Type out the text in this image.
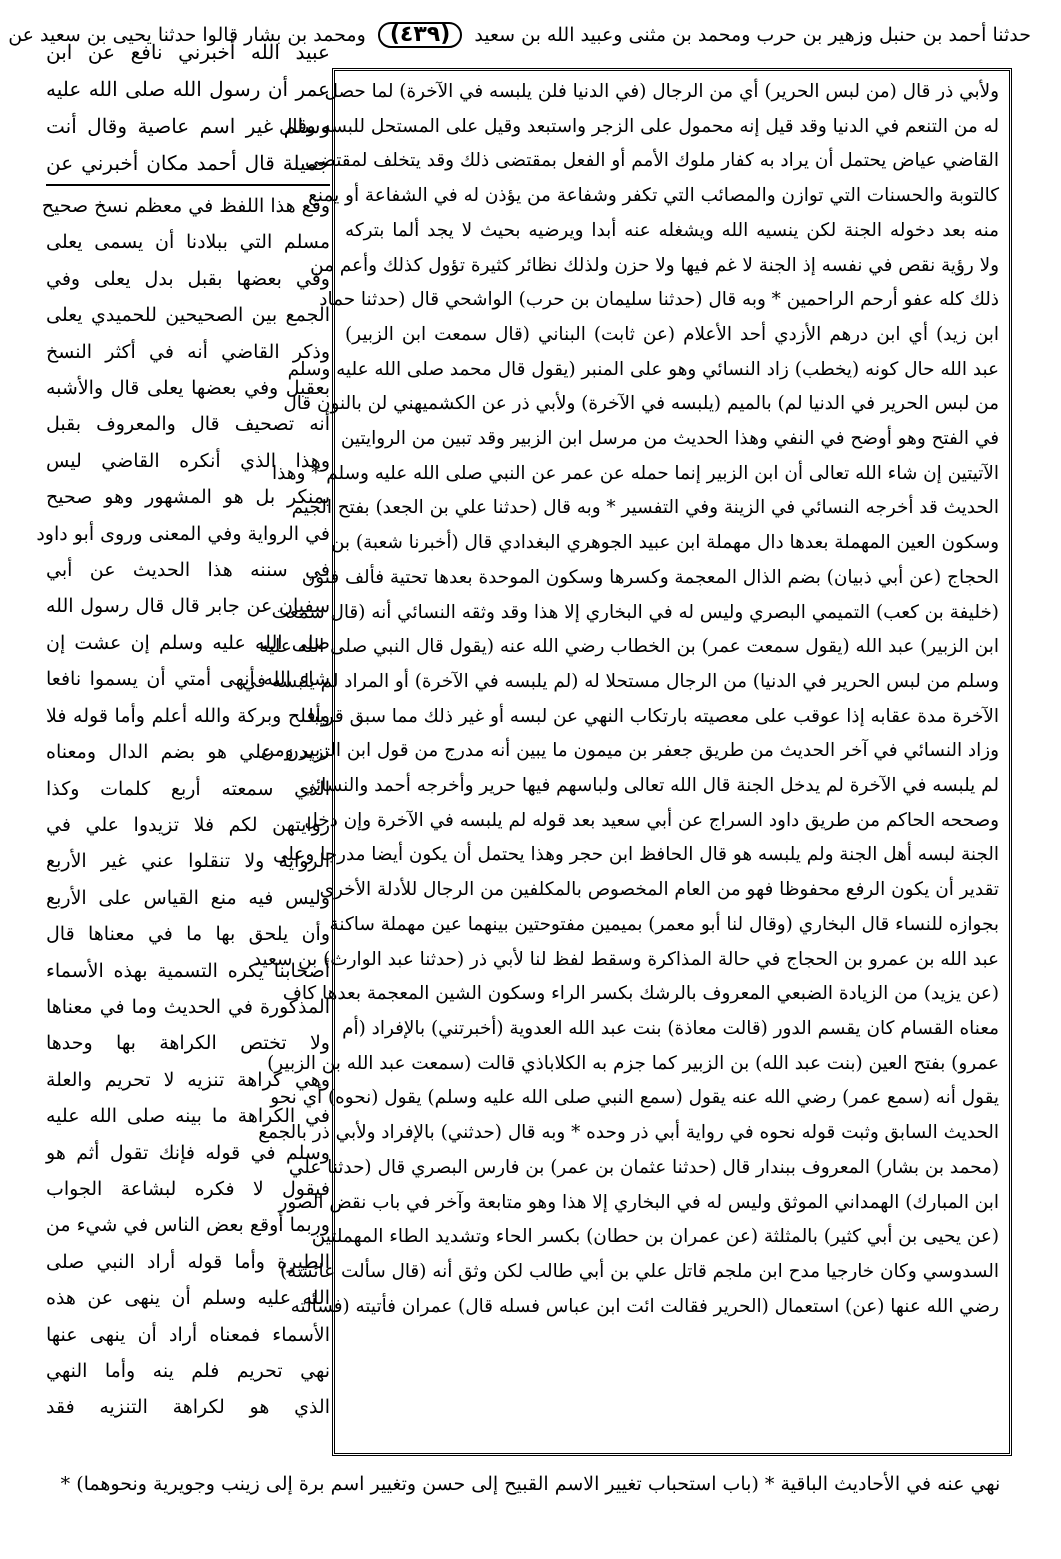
حدثنا أحمد بن حنبل وزهير بن حرب ومحمد بن مثنى وعبيد الله بن سعيد (٤٣٩) ومحمد بن بشار قالوا حدثنا يحيى بن سعيد عن
ولأبي ذر قال (من لبس الحرير) أي من الرجال (في الدنيا فلن يلبسه في الآخرة) لما حصل
له من التنعم في الدنيا وقد قيل إنه محمول على الزجر واستبعد وقيل على المستحل للبسه وقال
القاضي عياض يحتمل أن يراد به كفار ملوك الأمم أو الفعل بمقتضى ذلك وقد يتخلف لمقتضى
كالتوبة والحسنات التي توازن والمصائب التي تكفر وشفاعة من يؤذن له في الشفاعة أو يمنع
منه بعد دخوله الجنة لكن ينسيه الله ويشغله عنه أبدا ويرضيه بحيث لا يجد ألما بتركه
ولا رؤية نقص في نفسه إذ الجنة لا غم فيها ولا حزن ولذلك نظائر كثيرة تؤول كذلك وأعم من
ذلك كله عفو أرحم الراحمين * وبه قال (حدثنا سليمان بن حرب) الواشحي قال (حدثنا حماد
ابن زيد) أي ابن درهم الأزدي أحد الأعلام (عن ثابت) البناني (قال سمعت ابن الزبير)
عبد الله حال كونه (يخطب) زاد النسائي وهو على المنبر (يقول قال محمد صلى الله عليه وسلم
من لبس الحرير في الدنيا لم) بالميم (يلبسه في الآخرة) ولأبي ذر عن الكشميهني لن بالنون قال
في الفتح وهو أوضح في النفي وهذا الحديث من مرسل ابن الزبير وقد تبين من الروايتين
الآتيتين إن شاء الله تعالى أن ابن الزبير إنما حمله عن عمر عن النبي صلى الله عليه وسلم * وهذا
الحديث قد أخرجه النسائي في الزينة وفي التفسير * وبه قال (حدثنا علي بن الجعد) بفتح الجيم
وسكون العين المهملة بعدها دال مهملة ابن عبيد الجوهري البغدادي قال (أخبرنا شعبة) بن
الحجاج (عن أبي ذبيان) بضم الذال المعجمة وكسرها وسكون الموحدة بعدها تحتية فألف فنون
(خليفة بن كعب) التميمي البصري وليس له في البخاري إلا هذا وقد وثقه النسائي أنه (قال سمعت
ابن الزبير) عبد الله (يقول سمعت عمر) بن الخطاب رضي الله عنه (يقول قال النبي صلى الله عليه
وسلم من لبس الحرير في الدنيا) من الرجال مستحلا له (لم يلبسه في الآخرة) أو المراد لم يلبسه في
الآخرة مدة عقابه إذا عوقب على معصيته بارتكاب النهي عن لبسه أو غير ذلك مما سبق قريبا
وزاد النسائي في آخر الحديث من طريق جعفر بن ميمون ما يبين أنه مدرج من قول ابن الزبير ومن
لم يلبسه في الآخرة لم يدخل الجنة قال الله تعالى ولباسهم فيها حرير وأخرجه أحمد والنسائي
وصححه الحاكم من طريق داود السراج عن أبي سعيد بعد قوله لم يلبسه في الآخرة وإن دخل
الجنة لبسه أهل الجنة ولم يلبسه هو قال الحافظ ابن حجر وهذا يحتمل أن يكون أيضا مدرجا وعلى
تقدير أن يكون الرفع محفوظا فهو من العام المخصوص بالمكلفين من الرجال للأدلة الأخرى
بجوازه للنساء قال البخاري (وقال لنا أبو معمر) بميمين مفتوحتين بينهما عين مهملة ساكنة
عبد الله بن عمرو بن الحجاج في حالة المذاكرة وسقط لفظ لنا لأبي ذر (حدثنا عبد الوارث) بن سعيد
(عن يزيد) من الزيادة الضبعي المعروف بالرشك بكسر الراء وسكون الشين المعجمة بعدها كاف
معناه القسام كان يقسم الدور (قالت معاذة) بنت عبد الله العدوية (أخبرتني) بالإفراد (أم
عمرو) بفتح العين (بنت عبد الله) بن الزبير كما جزم به الكلاباذي قالت (سمعت عبد الله بن الزبير)
يقول أنه (سمع عمر) رضي الله عنه يقول (سمع النبي صلى الله عليه وسلم) يقول (نحوه) أي نحو
الحديث السابق وثبت قوله نحوه في رواية أبي ذر وحده * وبه قال (حدثني) بالإفراد ولأبي ذر بالجمع
(محمد بن بشار) المعروف ببندار قال (حدثنا عثمان بن عمر) بن فارس البصري قال (حدثنا علي
ابن المبارك) الهمداني الموثق وليس له في البخاري إلا هذا وهو متابعة وآخر في باب نقض الصور
(عن يحيى بن أبي كثير) بالمثلثة (عن عمران بن حطان) بكسر الحاء وتشديد الطاء المهملتين
السدوسي وكان خارجيا مدح ابن ملجم قاتل علي بن أبي طالب لكن وثق أنه (قال سألت عائشة)
رضي الله عنها (عن) استعمال (الحرير فقالت ائت ابن عباس فسله قال) عمران فأتيته (فسألته
عبيد الله أخبرني نافع عن ابن
عمر أن رسول الله صلى الله عليه
وسلم غير اسم عاصية وقال أنت
جميلة قال أحمد مكان أخبرني عن
وقع هذا اللفظ في معظم نسخ صحيح
مسلم التي ببلادنا أن يسمى يعلى
وفي بعضها بقبل بدل يعلى وفي
الجمع بين الصحيحين للحميدي يعلى
وذكر القاضي أنه في أكثر النسخ
بعقبل وفي بعضها يعلى قال والأشبه
أنه تصحيف قال والمعروف بقبل
وهذا الذي أنكره القاضي ليس
بمنكر بل هو المشهور وهو صحيح
في الرواية وفي المعنى وروى أبو داود
في سننه هذا الحديث عن أبي
سفيان عن جابر قال قال رسول الله
صلى الله عليه وسلم إن عشت إن
شاء الله أنهى أمتي أن يسموا نافعا
وأفلح وبركة والله أعلم وأما قوله فلا
تزيدن علي هو بضم الدال ومعناه
الذي سمعته أربع كلمات وكذا
روايتهن لكم فلا تزيدوا علي في
الرواية ولا تنقلوا عني غير الأربع
وليس فيه منع القياس على الأربع
وأن يلحق بها ما في معناها قال
أصحابنا يكره التسمية بهذه الأسماء
المذكورة في الحديث وما في معناها
ولا تختص الكراهة بها وحدها
وهي كراهة تنزيه لا تحريم والعلة
في الكراهة ما بينه صلى الله عليه
وسلم في قوله فإنك تقول أثم هو
فيقول لا فكره لبشاعة الجواب
وربما أوقع بعض الناس في شيء من
الطيرة وأما قوله أراد النبي صلى
الله عليه وسلم أن ينهى عن هذه
الأسماء فمعناه أراد أن ينهى عنها
نهي تحريم فلم ينه وأما النهي
الذي هو لكراهة التنزيه فقد
نهي عنه في الأحاديث الباقية * (باب استحباب تغيير الاسم القبيح إلى حسن وتغيير اسم برة إلى زينب وجويرية ونحوهما) *
